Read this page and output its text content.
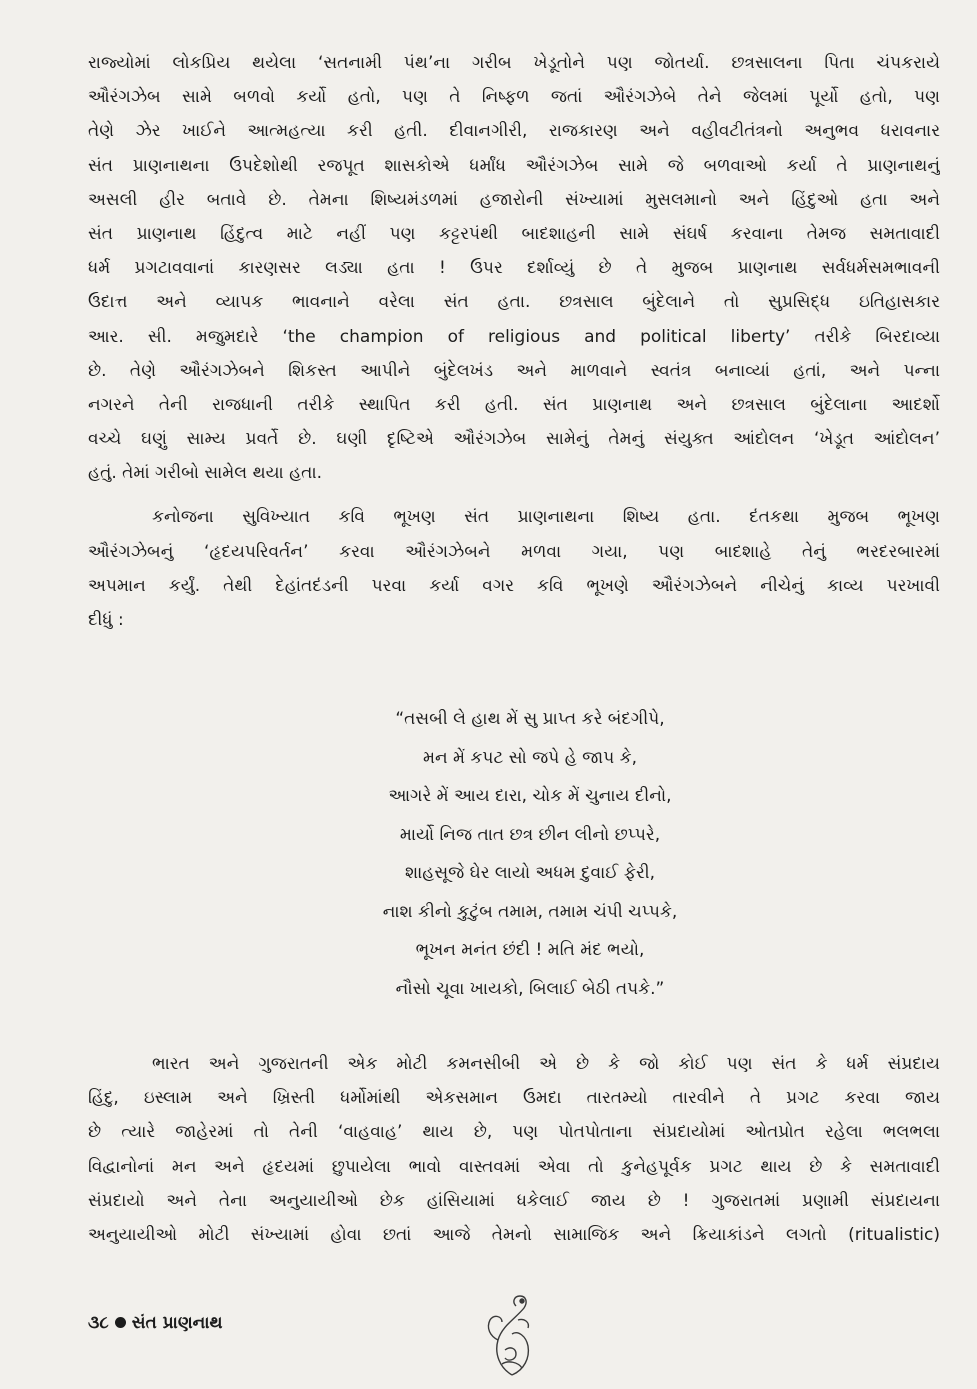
રાજ્યોમાં લોકપ્રિય થયેલા ‘સતનામી પંથ’ના ગરીબ ખેડૂતોને પણ જોતર્યા. છત્રસાલના પિતા ચંપકરાયે
ઔરંગઝેબ સામે બળવો કર્યો હતો, પણ તે નિષ્ફળ જતાં ઔરંગઝેબે તેને જેલમાં પૂર્યો હતો, પણ
તેણે ઝેર ખાઈને આત્મહત્યા કરી હતી. દીવાનગીરી, રાજકારણ અને વહીવટીતંત્રનો અનુભવ ધરાવનાર
સંત પ્રાણનાથના ઉપદેશોથી રજપૂત શાસકોએ ધર્માંધ ઔરંગઝેબ સામે જે બળવાઓ કર્યા તે પ્રાણનાથનું
અસલી હીર બતાવે છે. તેમના શિષ્યમંડળમાં હજારોની સંખ્યામાં મુસલમાનો અને હિંદુઓ હતા અને
સંત પ્રાણનાથ હિંદુત્વ માટે નહીં પણ કટ્ટરપંથી બાદશાહની સામે સંઘર્ષ કરવાના તેમજ સમતાવાદી
ધર્મ પ્રગટાવવાનાં કારણસર લડ્યા હતા ! ઉપર દર્શાવ્યું છે તે મુજબ પ્રાણનાથ સર્વધર્મસમભાવની
ઉદાત્ત અને વ્યાપક ભાવનાને વરેલા સંત હતા. છત્રસાલ બુંદેલાને તો સુપ્રસિદ્ધ ઇતિહાસકાર
આર. સી. મજુમદારે ‘the champion of religious and political liberty’ તરીકે બિરદાવ્યા
છે. તેણે ઔરંગઝેબને શિકસ્ત આપીને બુંદેલખંડ અને માળવાને સ્વતંત્ર બનાવ્યાં હતાં, અને પન્ના
નગરને તેની રાજધાની તરીકે સ્થાપિત કરી હતી. સંત પ્રાણનાથ અને છત્રસાલ બુંદેલાના આદર્શો
વચ્ચે ઘણું સામ્ય પ્રવર્તે છે. ઘણી દૃષ્ટિએ ઔરંગઝેબ સામેનું તેમનું સંયુક્ત આંદોલન ‘ખેડૂત આંદોલન’
હતું. તેમાં ગરીબો સામેલ થયા હતા.
કનોજના સુવિખ્યાત કવિ ભૂખણ સંત પ્રાણનાથના શિષ્ય હતા. દંતકથા મુજબ ભૂખણ
ઔરંગઝેબનું ‘હૃદયપરિવર્તન’ કરવા ઔરંગઝેબને મળવા ગયા, પણ બાદશાહે તેનું ભરદરબારમાં
અપમાન કર્યું. તેથી દેહાંતદંડની પરવા કર્યા વગર કવિ ભૂખણે ઔરંગઝેબને નીચેનું કાવ્ય પરખાવી
દીધું :
“તસબી લે હાથ મેં સુ પ્રાપ્ત કરે બંદગીપે,
મન મેં કપટ સો જપે હે જાપ કે,
આગરે મેં આય દારા, ચોક મેં ચુનાય દીનો,
માર્યો નિજ તાત છત્ર છીન લીનો છપ્પરે,
શાહસૂજે ઘેર લાયો અધમ દુવાઈ ફેરી,
નાશ કીનો કુટુંબ તમામ, તમામ ચંપી ચપ્પકે,
ભૂખન મનંત છંદી ! મતિ મંદ ભયો,
નૌસો ચૂવા ખાયકો, બિલાઈ બેઠી તપકે.”
ભારત અને ગુજરાતની એક મોટી કમનસીબી એ છે કે જો કોઈ પણ સંત કે ધર્મ સંપ્રદાય
હિંદુ, ઇસ્લામ અને ખ્રિસ્તી ધર્મોમાંથી એકસમાન ઉમદા તારતમ્યો તારવીને તે પ્રગટ કરવા જાય
છે ત્યારે જાહેરમાં તો તેની ‘વાહવાહ’ થાય છે, પણ પોતપોતાના સંપ્રદાયોમાં ઓતપ્રોત રહેલા ભલભલા
વિદ્વાનોનાં મન અને હૃદયમાં છુપાયેલા ભાવો વાસ્તવમાં એવા તો કુનેહપૂર્વક પ્રગટ થાય છે કે સમતાવાદી
સંપ્રદાયો અને તેના અનુયાયીઓ છેક હાંસિયામાં ધકેલાઈ જાય છે ! ગુજરાતમાં પ્રણામી સંપ્રદાયના
અનુયાયીઓ મોટી સંખ્યામાં હોવા છતાં આજે તેમનો સામાજિક અને ક્રિયાકાંડને લગતો (ritualistic)
૩૮ સંત પ્રાણનાથ
